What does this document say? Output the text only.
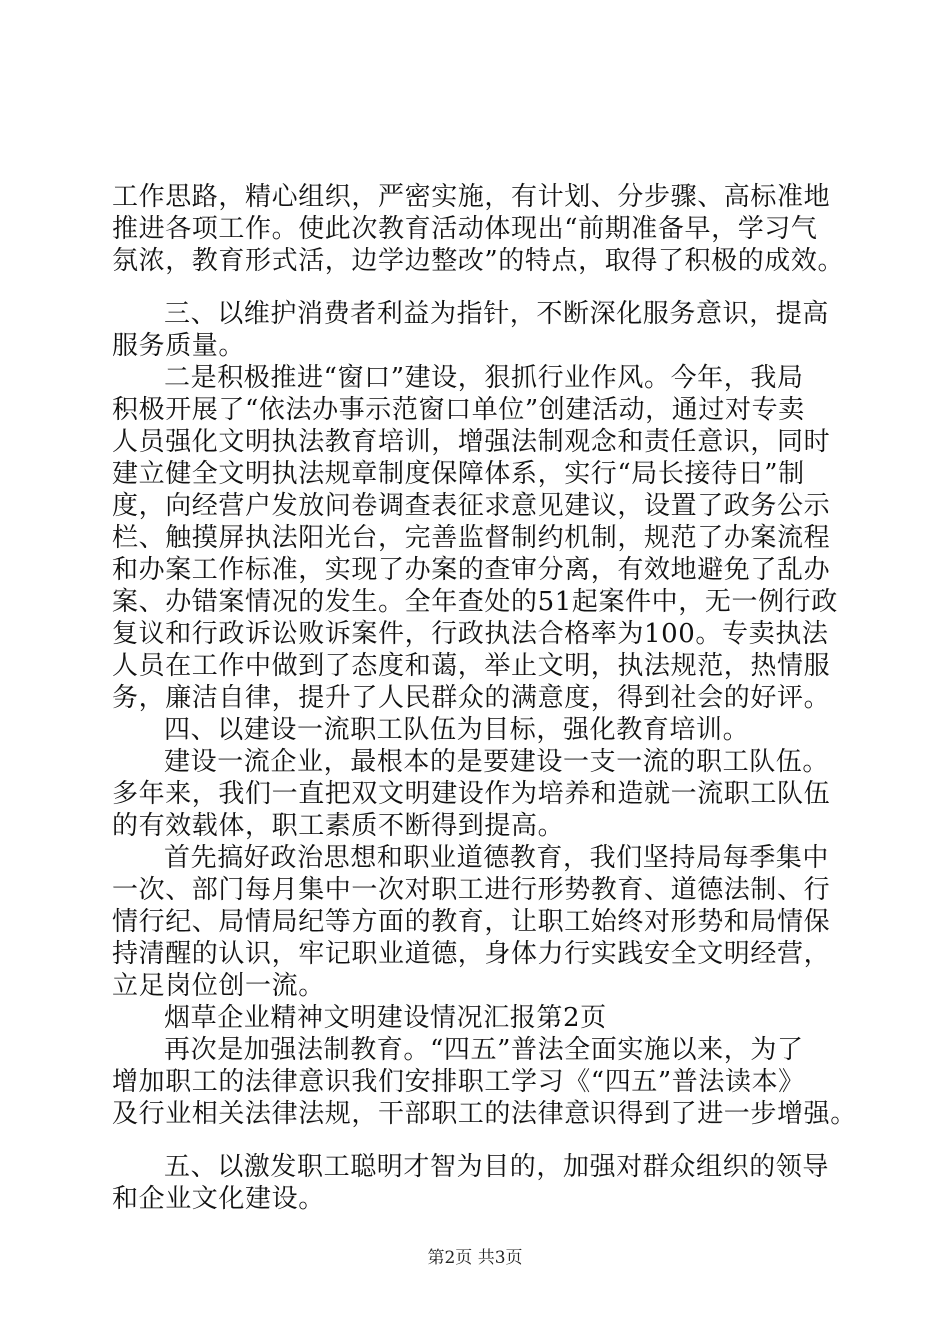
工作思路，精心组织，严密实施，有计划、分步骤、高标准地
推进各项工作。使此次教育活动体现出“前期准备早，学习气
氛浓，教育形式活，边学边整改”的特点，取得了积极的成效。
三、以维护消费者利益为指针，不断深化服务意识，提高
服务质量。
二是积极推进“窗口”建设，狠抓行业作风。今年，我局
积极开展了“依法办事示范窗口单位”创建活动，通过对专卖
人员强化文明执法教育培训，增强法制观念和责任意识，同时
建立健全文明执法规章制度保障体系，实行“局长接待日”制
度，向经营户发放问卷调查表征求意见建议，设置了政务公示
栏、触摸屏执法阳光台，完善监督制约机制，规范了办案流程
和办案工作标准，实现了办案的查审分离，有效地避免了乱办
案、办错案情况的发生。全年查处的51起案件中，无一例行政
复议和行政诉讼败诉案件，行政执法合格率为100。专卖执法
人员在工作中做到了态度和蔼，举止文明，执法规范，热情服
务，廉洁自律，提升了人民群众的满意度，得到社会的好评。
四、以建设一流职工队伍为目标，强化教育培训。
建设一流企业，最根本的是要建设一支一流的职工队伍。
多年来，我们一直把双文明建设作为培养和造就一流职工队伍
的有效载体，职工素质不断得到提高。
首先搞好政治思想和职业道德教育，我们坚持局每季集中
一次、部门每月集中一次对职工进行形势教育、道德法制、行
情行纪、局情局纪等方面的教育，让职工始终对形势和局情保
持清醒的认识，牢记职业道德，身体力行实践安全文明经营，
立足岗位创一流。
烟草企业精神文明建设情况汇报第2页
再次是加强法制教育。“四五”普法全面实施以来，为了
增加职工的法律意识我们安排职工学习《“四五”普法读本》
及行业相关法律法规，干部职工的法律意识得到了进一步增强。
五、以激发职工聪明才智为目的，加强对群众组织的领导
和企业文化建设。
第2页 共3页
